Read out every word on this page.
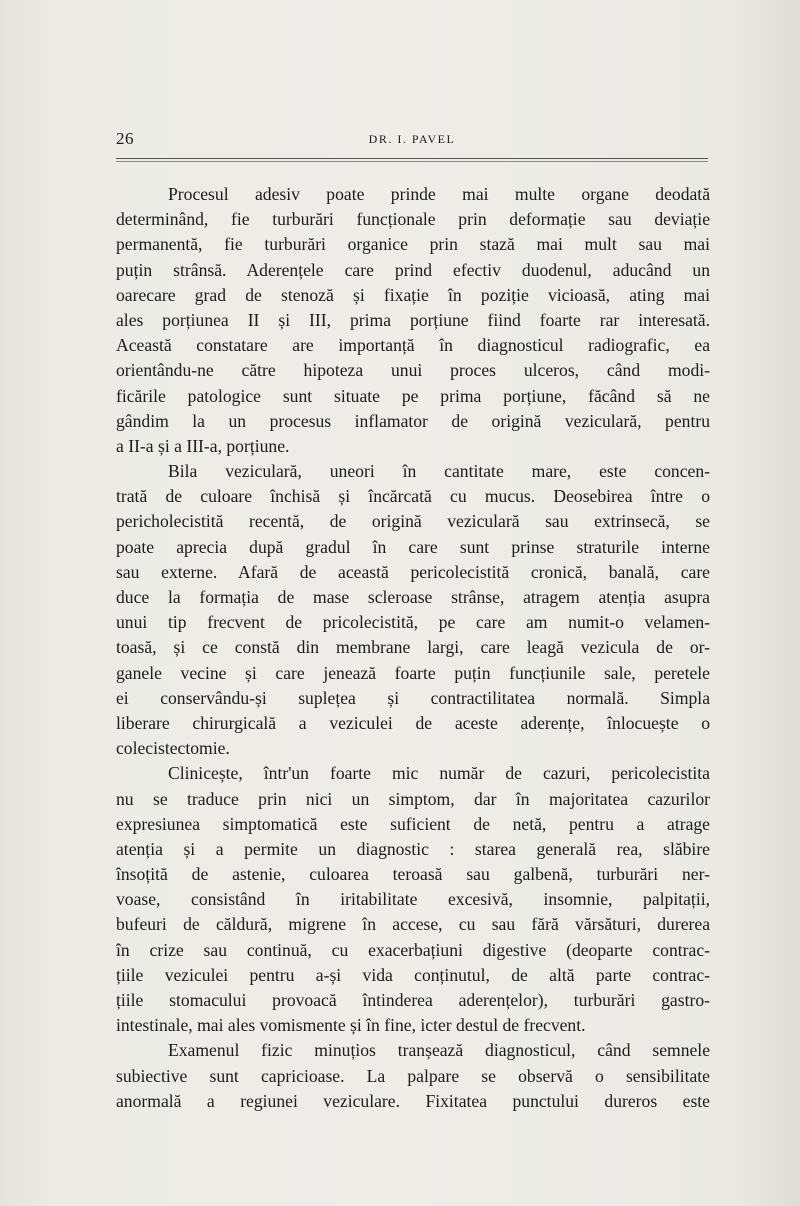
26	DR. I. PAVEL
Procesul adesiv poate prinde mai multe organe deodată
determinând, fie turburări funcționale prin deformație sau deviație
permanentă, fie turburări organice prin stază mai mult sau mai
puțin strânsă. Aderențele care prind efectiv duodenul, aducând un
oarecare grad de stenoză și fixație în poziție vicioasă, ating mai
ales porțiunea II și III, prima porțiune fiind foarte rar interesată.
Această constatare are importanță în diagnosticul radiografic, ea
orientându-ne către hipoteza unui proces ulceros, când modi-
ficările patologice sunt situate pe prima porțiune, făcând să ne
gândim la un procesus inflamator de origină veziculară, pentru
a II-a și a III-a, porțiune.
Bila veziculară, uneori în cantitate mare, este concen-
trată de culoare închisă și încărcată cu mucus. Deosebirea între o
pericholecistită recentă, de origină veziculară sau extrinsecă, se
poate aprecia după gradul în care sunt prinse straturile interne
sau externe. Afară de această pericolecistită cronică, banală, care
duce la formația de mase scleroase strânse, atragem atenția asupra
unui tip frecvent de pricolecistită, pe care am numit-o velamen-
toasă, și ce constă din membrane largi, care leagă vezicula de or-
ganele vecine și care jenează foarte puțin funcțiunile sale, peretele
ei conservându-și suplețea și contractilitatea normală. Simpla
liberare chirurgicală a veziculei de aceste aderențe, înlocuește o
colecistectomie.
Clinicește, într'un foarte mic număr de cazuri, pericolecistita
nu se traduce prin nici un simptom, dar în majoritatea cazurilor
expresiunea simptomatică este suficient de netă, pentru a atrage
atenția și a permite un diagnostic : starea generală rea, slăbire
însoțită de astenie, culoarea teroasă sau galbenă, turburări ner-
voase, consistând în iritabilitate excesivă, insomnie, palpitații,
bufeuri de căldură, migrene în accese, cu sau fără vărsături, durerea
în crize sau continuă, cu exacerbațiuni digestive (deoparte contrac-
țiile veziculei pentru a-și vida conținutul, de altă parte contrac-
țiile stomacului provoacă întinderea aderențelor), turburări gastro-
intestinale, mai ales vomismente și în fine, icter destul de frecvent.
Examenul fizic minuțios tranșează diagnosticul, când semnele
subiective sunt capricioase. La palpare se observă o sensibilitate
anormală a regiunei veziculare. Fixitatea punctului dureros este
